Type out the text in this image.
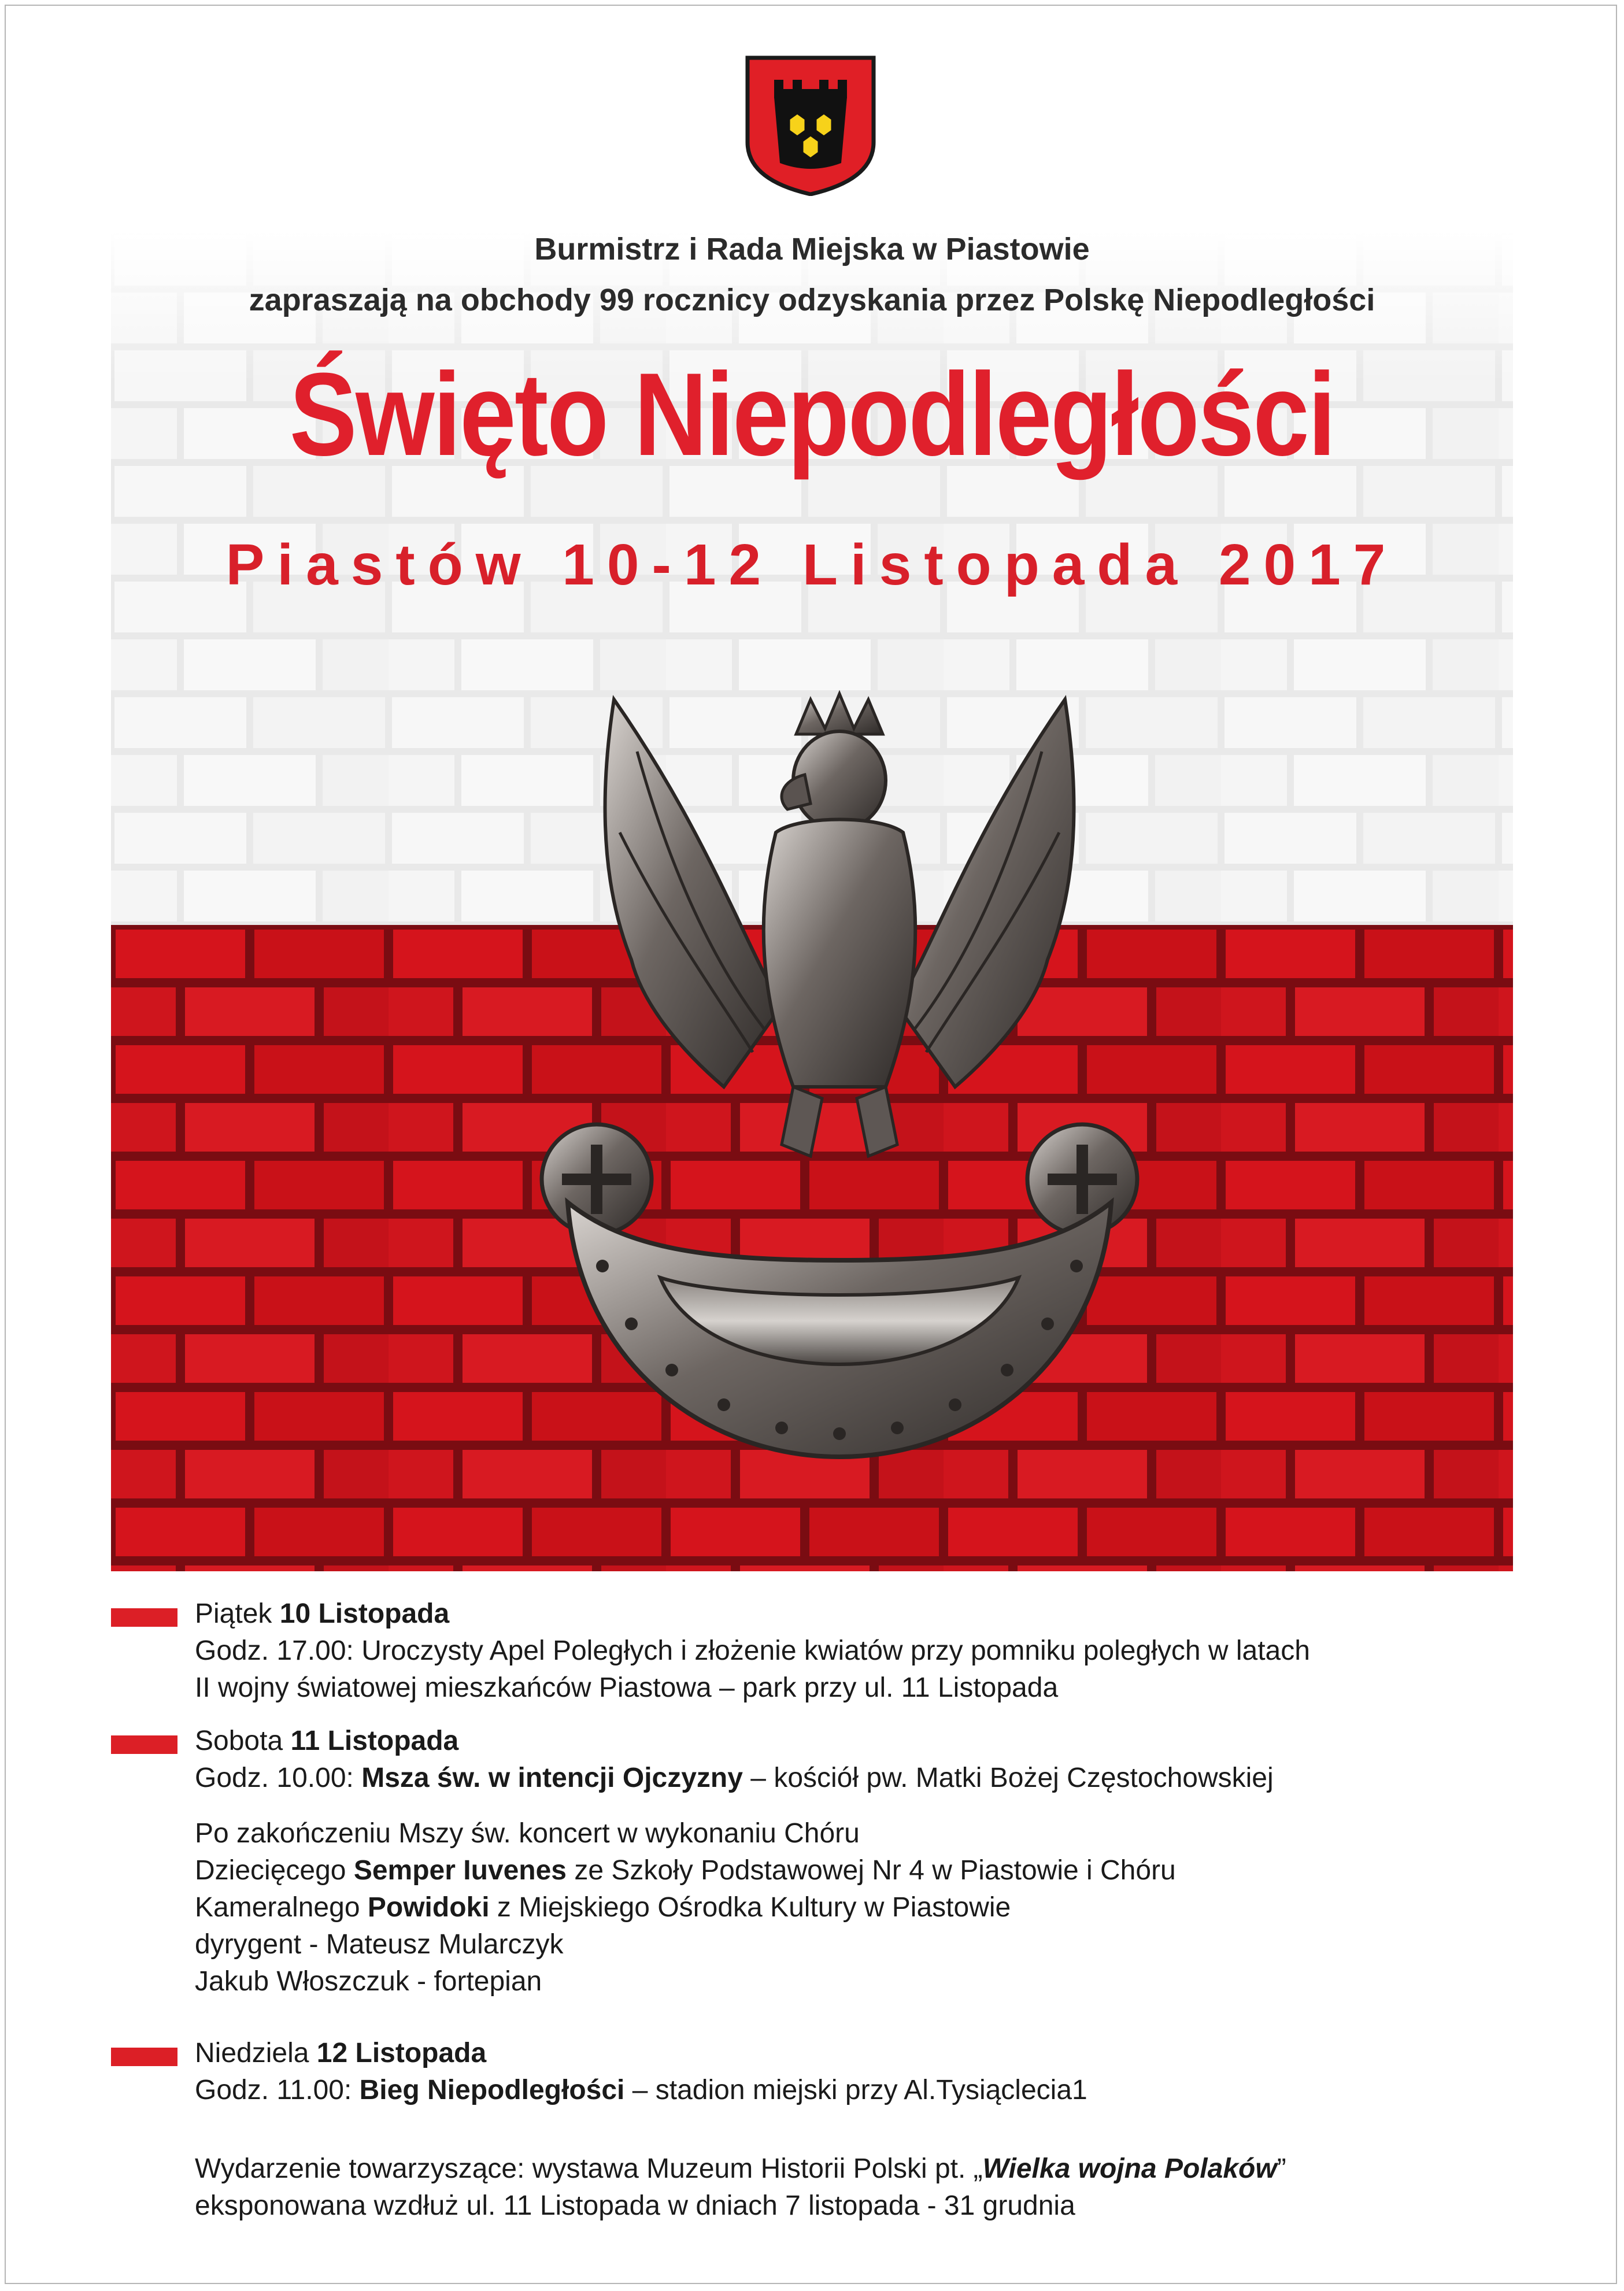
Burmistrz i Rada Miejska w Piastowie
zapraszają na obchody 99 rocznicy odzyskania przez Polskę Niepodległości
Święto Niepodległości
Piastów 10-12 Listopada 2017
Piątek 10 Listopada
Godz. 17.00: Uroczysty Apel Poległych i złożenie kwiatów przy pomniku poległych w latach
II wojny światowej mieszkańców Piastowa – park przy ul. 11 Listopada
Sobota 11 Listopada
Godz. 10.00: Msza św. w intencji Ojczyzny – kościół pw. Matki Bożej Częstochowskiej
Po zakończeniu Mszy św. koncert w wykonaniu Chóru
Dziecięcego Semper Iuvenes ze Szkoły Podstawowej Nr 4 w Piastowie i Chóru
Kameralnego Powidoki z Miejskiego Ośrodka Kultury w Piastowie
dyrygent - Mateusz Mularczyk
Jakub Włoszczuk - fortepian
Niedziela 12 Listopada
Godz. 11.00: Bieg Niepodległości – stadion miejski przy Al.Tysiąclecia1
Wydarzenie towarzyszące: wystawa Muzeum Historii Polski pt. „Wielka wojna Polaków”
eksponowana wzdłuż ul. 11 Listopada w dniach 7 listopada - 31 grudnia
